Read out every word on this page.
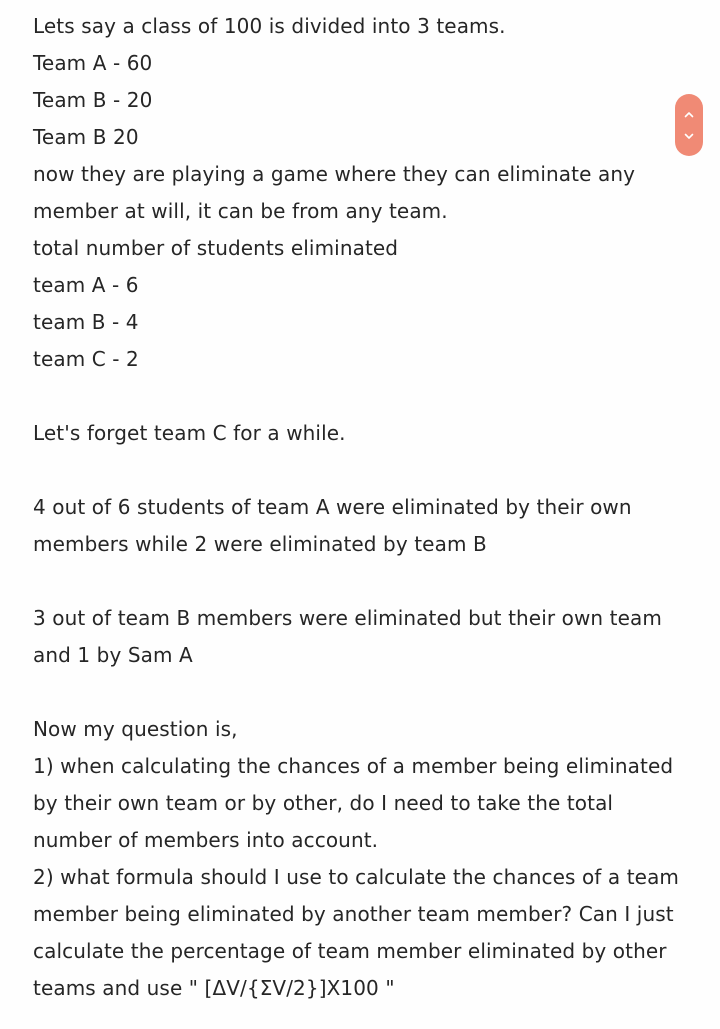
Lets say a class of 100 is divided into 3 teams.
Team A - 60
Team B - 20
Team B 20
now they are playing a game where they can eliminate any
member at will, it can be from any team.
total number of students eliminated
team A - 6
team B - 4
team C - 2
Let's forget team C for a while.
4 out of 6 students of team A were eliminated by their own
members while 2 were eliminated by team B
3 out of team B members were eliminated but their own team
and 1 by Sam A
Now my question is,
1) when calculating the chances of a member being eliminated
by their own team or by other, do I need to take the total
number of members into account.
2) what formula should I use to calculate the chances of a team
member being eliminated by another team member? Can I just
calculate the percentage of team member eliminated by other
teams and use " [ΔV/{ΣV/2}]X100 "
